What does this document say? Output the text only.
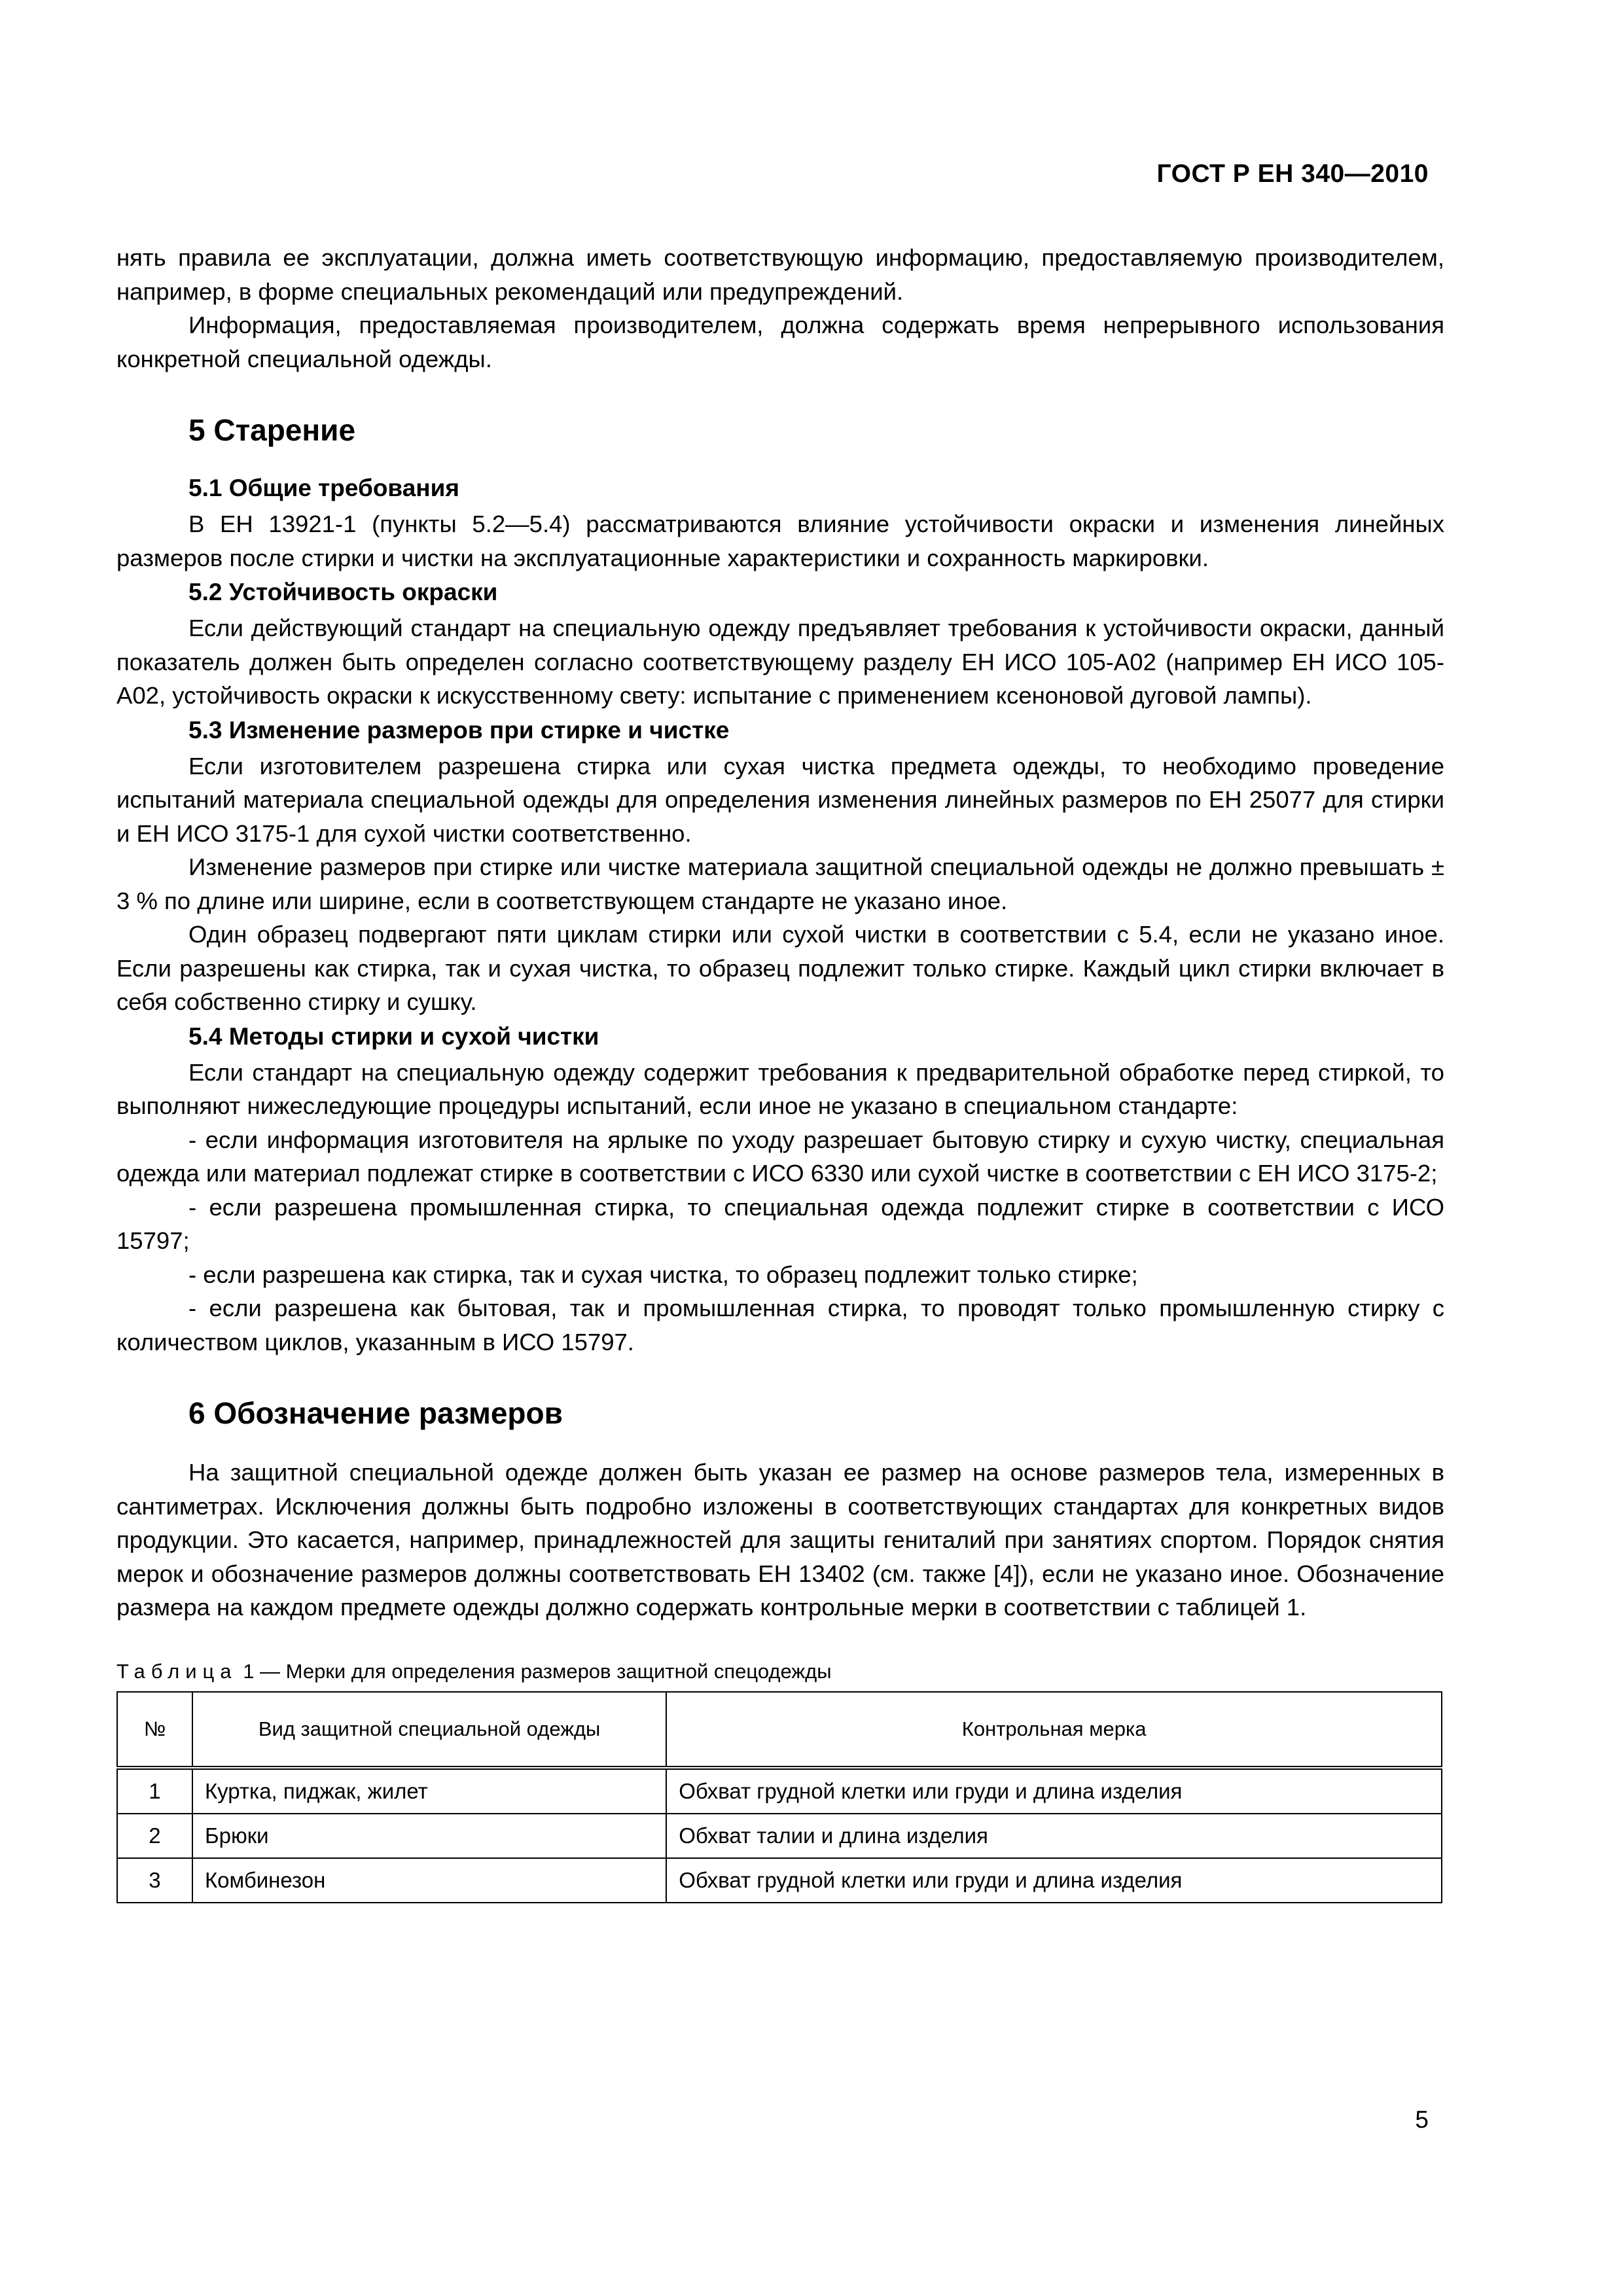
ГОСТ Р ЕН 340—2010

нять правила ее эксплуатации, должна иметь соответствующую информацию, предоставляемую производителем, например, в форме специальных рекомендаций или предупреждений.

Информация, предоставляемая производителем, должна содержать время непрерывного использования конкретной специальной одежды.

5 Старение
5.1 Общие требования

В ЕН 13921-1 (пункты 5.2—5.4) рассматриваются влияние устойчивости окраски и изменения линейных размеров после стирки и чистки на эксплуатационные характеристики и сохранность маркировки.

5.2 Устойчивость окраски

Если действующий стандарт на специальную одежду предъявляет требования к устойчивости окраски, данный показатель должен быть определен согласно соответствующему разделу ЕН ИСО 105-А02 (например ЕН ИСО 105-А02, устойчивость окраски к искусственному свету: испытание с применением ксеноновой дуговой лампы).

5.3 Изменение размеров при стирке и чистке

Если изготовителем разрешена стирка или сухая чистка предмета одежды, то необходимо проведение испытаний материала специальной одежды для определения изменения линейных размеров по ЕН 25077 для стирки и ЕН ИСО 3175-1 для сухой чистки соответственно.

Изменение размеров при стирке или чистке материала защитной специальной одежды не должно превышать ± 3 % по длине или ширине, если в соответствующем стандарте не указано иное.

Один образец подвергают пяти циклам стирки или сухой чистки в соответствии с 5.4, если не указано иное. Если разрешены как стирка, так и сухая чистка, то образец подлежит только стирке. Каждый цикл стирки включает в себя собственно стирку и сушку.

5.4 Методы стирки и сухой чистки

Если стандарт на специальную одежду содержит требования к предварительной обработке перед стиркой, то выполняют нижеследующие процедуры испытаний, если иное не указано в специальном стандарте:

- если информация изготовителя на ярлыке по уходу разрешает бытовую стирку и сухую чистку, специальная одежда или материал подлежат стирке в соответствии с ИСО 6330 или сухой чистке в соответствии с ЕН ИСО 3175-2;

- если разрешена промышленная стирка, то специальная одежда подлежит стирке в соответствии с ИСО 15797;

- если разрешена как стирка, так и сухая чистка, то образец подлежит только стирке;

- если разрешена как бытовая, так и промышленная стирка, то проводят только промышленную стирку с количеством циклов, указанным в ИСО 15797.

6 Обозначение размеров

На защитной специальной одежде должен быть указан ее размер на основе размеров тела, измеренных в сантиметрах. Исключения должны быть подробно изложены в соответствующих стандартах для конкретных видов продукции. Это касается, например, принадлежностей для защиты гениталий при занятиях спортом. Порядок снятия мерок и обозначение размеров должны соответствовать ЕН 13402 (см. также [4]), если не указано иное. Обозначение размера на каждом предмете одежды должно содержать контрольные мерки в соответствии с таблицей 1.

Таблица 1 — Мерки для определения размеров защитной спецодежды
№	Вид защитной специальной одежды	Контрольная мерка
1	Куртка, пиджак, жилет	Обхват грудной клетки или груди и длина изделия
2	Брюки	Обхват талии и длина изделия
3	Комбинезон	Обхват грудной клетки или груди и длина изделия
5
